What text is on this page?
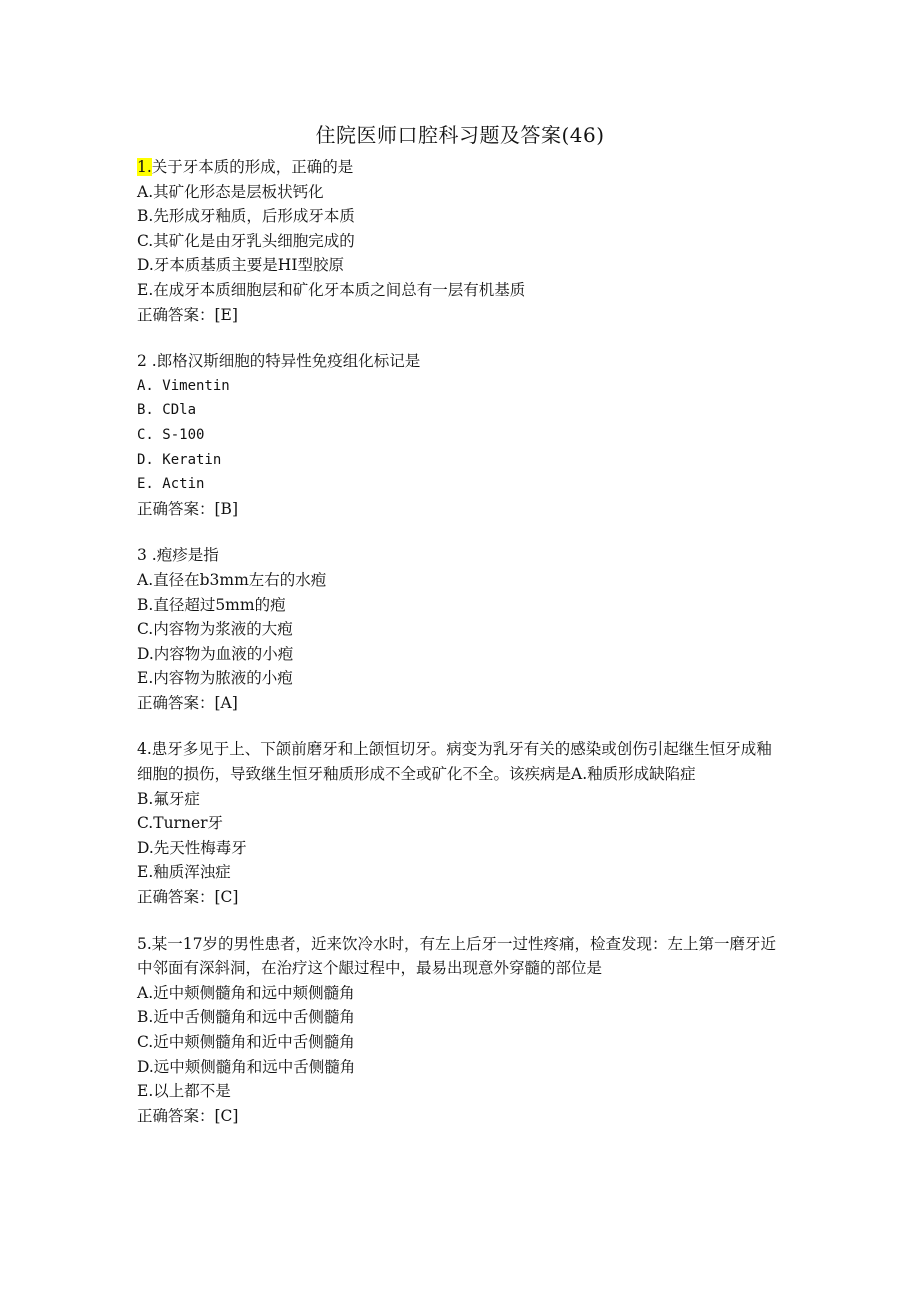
住院医师口腔科习题及答案(46)
1.关于牙本质的形成，正确的是
A.其矿化形态是层板状钙化
B.先形成牙釉质，后形成牙本质
C.其矿化是由牙乳头细胞完成的
D.牙本质基质主要是HI型胶原
E.在成牙本质细胞层和矿化牙本质之间总有一层有机基质
正确答案：[E]
2 .郎格汉斯细胞的特异性免疫组化标记是
A. Vimentin
B. CDla
C. S-100
D. Keratin
E. Actin
正确答案：[B]
3 .疱疹是指
A.直径在b3mm左右的水疱
B.直径超过5mm的疱
C.内容物为浆液的大疱
D.内容物为血液的小疱
E.内容物为脓液的小疱
正确答案：[A]
4.患牙多见于上、下颌前磨牙和上颌恒切牙。病变为乳牙有关的感染或创伤引起继生恒牙成釉细胞的损伤，导致继生恒牙釉质形成不全或矿化不全。该疾病是A.釉质形成缺陷症
B.氟牙症
C.Turner牙
D.先天性梅毒牙
E.釉质浑浊症
正确答案：[C]
5.某一17岁的男性患者，近来饮冷水时，有左上后牙一过性疼痛，检查发现：左上第一磨牙近中邻面有深斜洞，在治疗这个龈过程中，最易出现意外穿髓的部位是
A.近中颊侧髓角和远中颊侧髓角
B.近中舌侧髓角和远中舌侧髓角
C.近中颊侧髓角和近中舌侧髓角
D.远中颊侧髓角和远中舌侧髓角
E.以上都不是
正确答案：[C]
